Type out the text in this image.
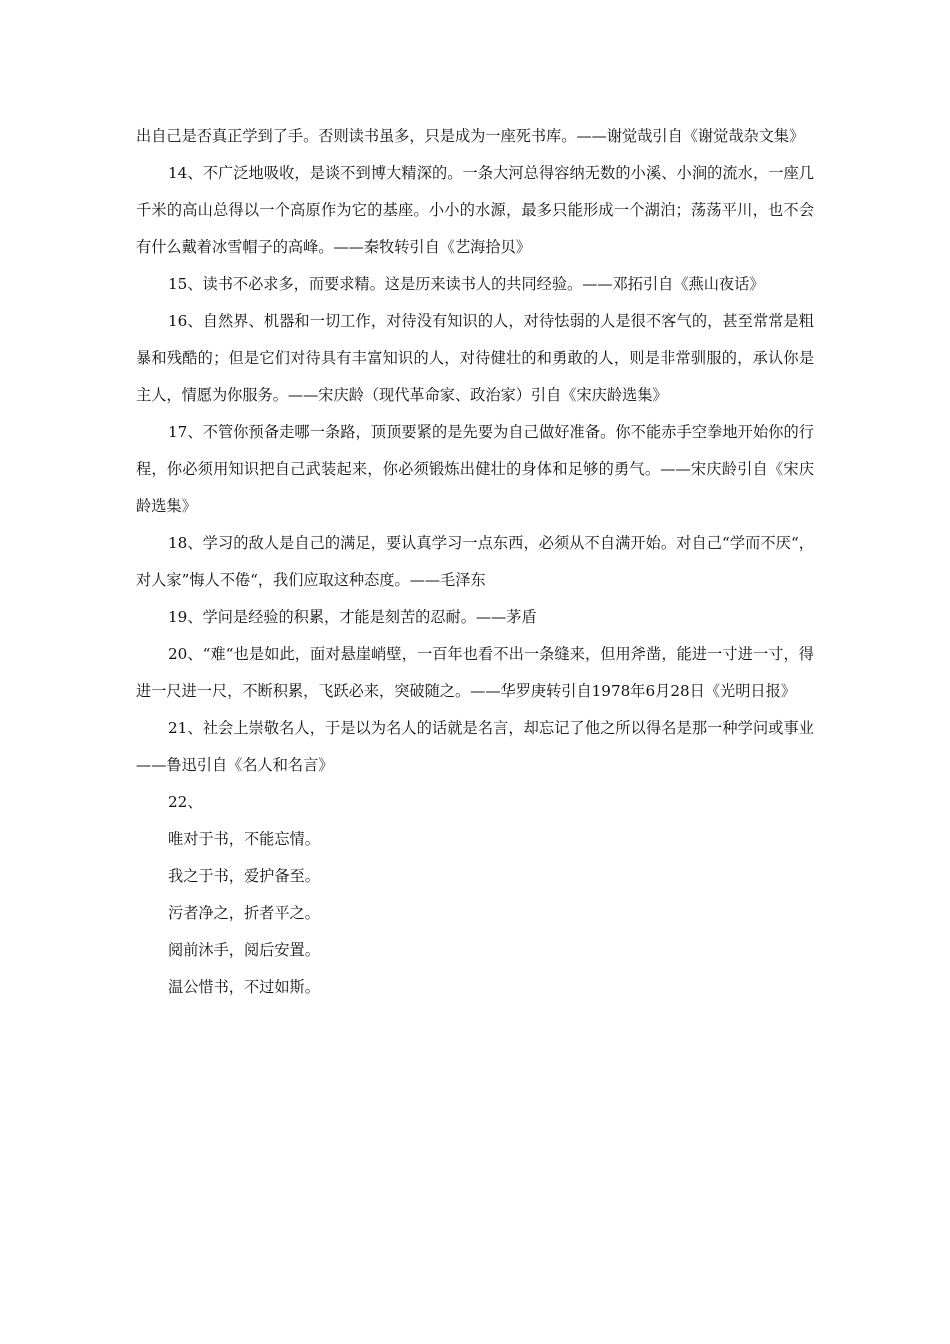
出自己是否真正学到了手。否则读书虽多，只是成为一座死书库。——谢觉哉引自《谢觉哉杂文集》

14、不广泛地吸收，是谈不到博大精深的。一条大河总得容纳无数的小溪、小涧的流水，一座几千米的高山总得以一个高原作为它的基座。小小的水源，最多只能形成一个湖泊；荡荡平川，也不会有什么戴着冰雪帽子的高峰。——秦牧转引自《艺海拾贝》

15、读书不必求多，而要求精。这是历来读书人的共同经验。——邓拓引自《燕山夜话》

16、自然界、机器和一切工作，对待没有知识的人，对待怯弱的人是很不客气的，甚至常常是粗暴和残酷的；但是它们对待具有丰富知识的人，对待健壮的和勇敢的人，则是非常驯服的，承认你是主人，情愿为你服务。——宋庆龄（现代革命家、政治家）引自《宋庆龄选集》

17、不管你预备走哪一条路，顶顶要紧的是先要为自己做好准备。你不能赤手空拳地开始你的行程，你必须用知识把自己武装起来，你必须锻炼出健壮的身体和足够的勇气。——宋庆龄引自《宋庆龄选集》

18、学习的敌人是自己的满足，要认真学习一点东西，必须从不自满开始。对自己“学而不厌“，对人家”悔人不倦“，我们应取这种态度。——毛泽东

19、学问是经验的积累，才能是刻苦的忍耐。——茅盾

20、“难“也是如此，面对悬崖峭壁，一百年也看不出一条缝来，但用斧凿，能进一寸进一寸，得进一尺进一尺，不断积累，飞跃必来，突破随之。——华罗庚转引自1978年6月28日《光明日报》

21、社会上崇敬名人，于是以为名人的话就是名言，却忘记了他之所以得名是那一种学问或事业——鲁迅引自《名人和名言》

22、

唯对于书，不能忘情。

我之于书，爱护备至。

污者净之，折者平之。

阅前沐手，阅后安置。

温公惜书，不过如斯。
